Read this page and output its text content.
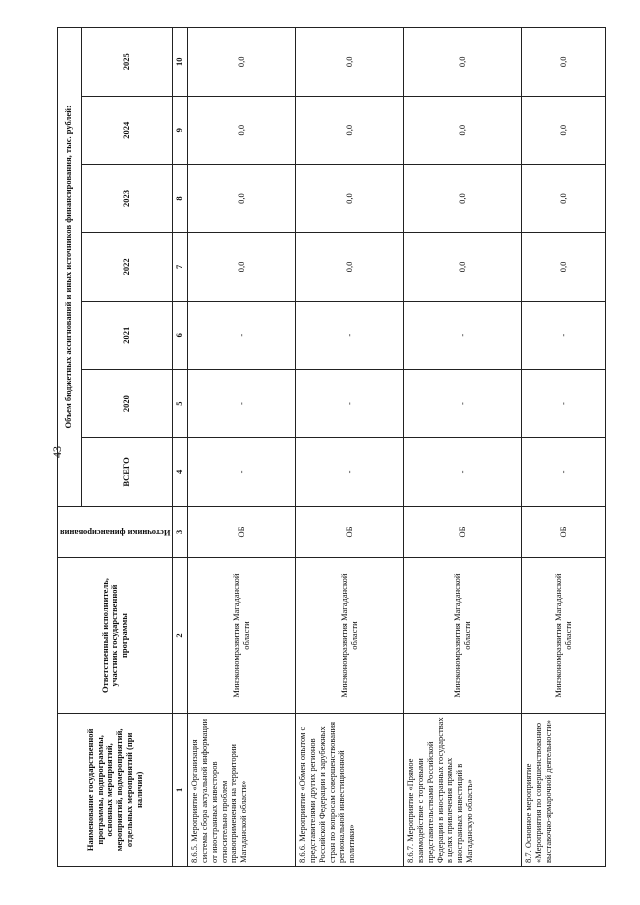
43
Наименование государственной программы, подпрограммы, основных мероприятий, мероприятий, подмероприятий, отдельных мероприятий (при наличии)	Ответственный исполнитель, участник государственной программы	Источники финансирования	Объем бюджетных ассигнований и иных источников финансирования, тыс. рублей:						
			ВСЕГО	2020	2021	2022	2023	2024	2025
1	2	3	4	5	6	7	8	9	10
8.6.5. Мероприятие «Организация системы сбора актуальной информации от иностранных инвесторов относительно проблем правоприменения на территории Магаданской области»	Минэкономразвития Магаданской области	ОБ	-	-	-	0,0	0,0	0,0	0,0
8.6.6. Мероприятие «Обмен опытом с представителями других регионов Российской Федерации и зарубежных стран по вопросам совершенствования региональной инвестиционной политики»	Минэкономразвития Магаданской области	ОБ	-	-	-	0,0	0,0	0,0	0,0
8.6.7. Мероприятие «Прямое взаимодействие с торговыми представительствами Российской Федерации в иностранных государствах в целях привлечения прямых иностранных инвестиций в Магаданскую область»	Минэкономразвития Магаданской области	ОБ	-	-	-	0,0	0,0	0,0	0,0
8.7. Основное мероприятие «Мероприятия по совершенствованию выставочно-ярмарочной деятельности»	Минэкономразвития Магаданской области	ОБ	-	-	-	0,0	0,0	0,0	0,0
